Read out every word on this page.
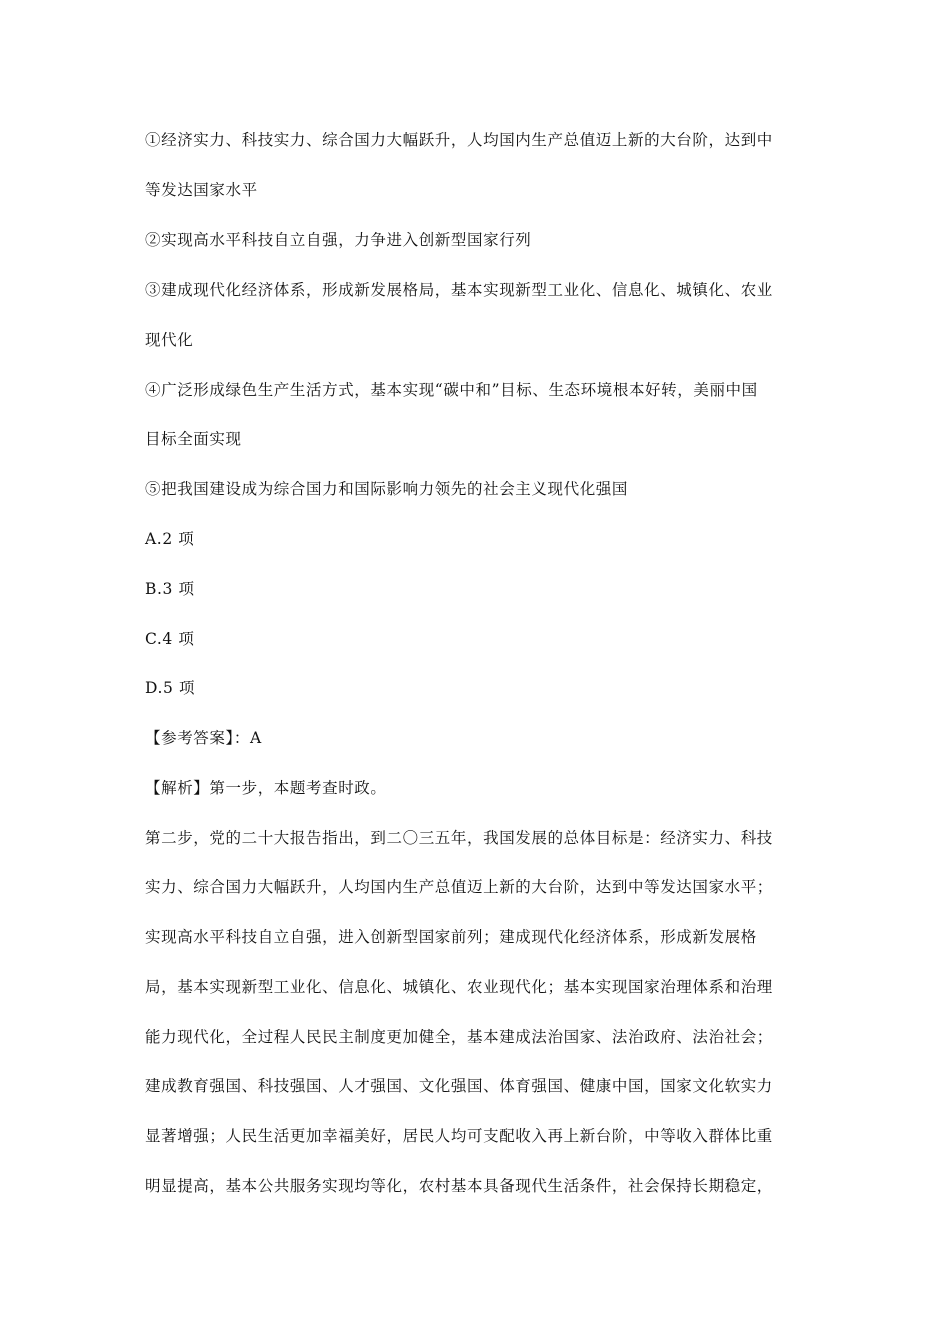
①经济实力、科技实力、综合国力大幅跃升，人均国内生产总值迈上新的大台阶，达到中
等发达国家水平
②实现高水平科技自立自强，力争进入创新型国家行列
③建成现代化经济体系，形成新发展格局，基本实现新型工业化、信息化、城镇化、农业
现代化
④广泛形成绿色生产生活方式，基本实现“碳中和”目标、生态环境根本好转，美丽中国
目标全面实现
⑤把我国建设成为综合国力和国际影响力领先的社会主义现代化强国
A.2 项
B.3 项
C.4 项
D.5 项
【参考答案】：A
【解析】第一步，本题考查时政。
第二步，党的二十大报告指出，到二〇三五年，我国发展的总体目标是：经济实力、科技
实力、综合国力大幅跃升，人均国内生产总值迈上新的大台阶，达到中等发达国家水平；
实现高水平科技自立自强，进入创新型国家前列；建成现代化经济体系，形成新发展格
局，基本实现新型工业化、信息化、城镇化、农业现代化；基本实现国家治理体系和治理
能力现代化，全过程人民民主制度更加健全，基本建成法治国家、法治政府、法治社会；
建成教育强国、科技强国、人才强国、文化强国、体育强国、健康中国，国家文化软实力
显著增强；人民生活更加幸福美好，居民人均可支配收入再上新台阶，中等收入群体比重
明显提高，基本公共服务实现均等化，农村基本具备现代生活条件，社会保持长期稳定，
